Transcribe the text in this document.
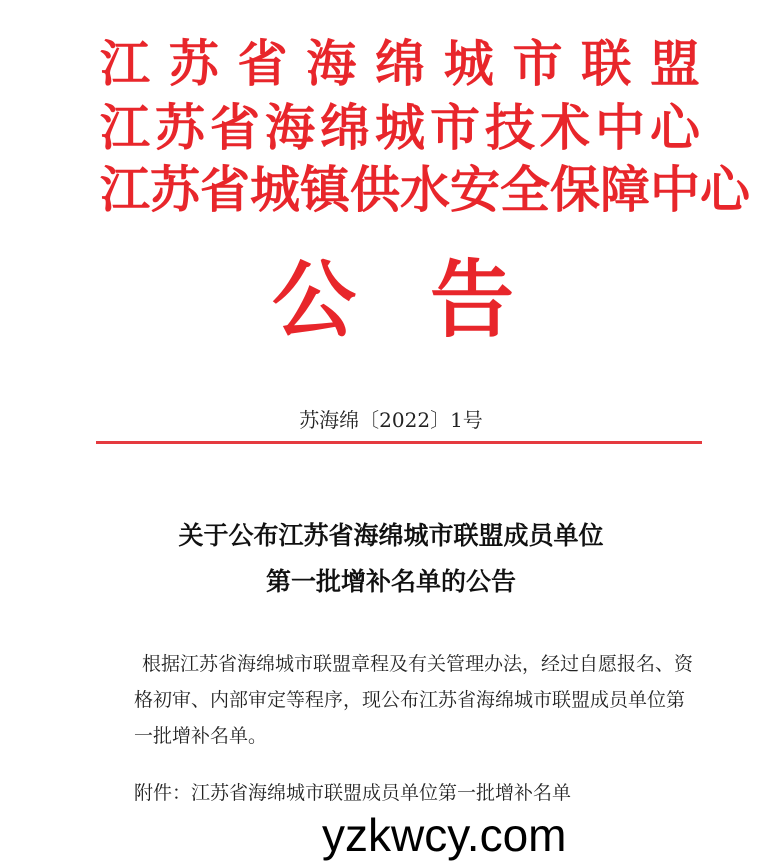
江苏省海绵城市联盟
江苏省海绵城市技术中心
江苏省城镇供水安全保障中心
公 告
苏海绵〔2022〕1号
关于公布江苏省海绵城市联盟成员单位
第一批增补名单的公告
根据江苏省海绵城市联盟章程及有关管理办法，经过自愿报名、资格初审、内部审定等程序，现公布江苏省海绵城市联盟成员单位第一批增补名单。
附件：江苏省海绵城市联盟成员单位第一批增补名单
yzkwcy.com
